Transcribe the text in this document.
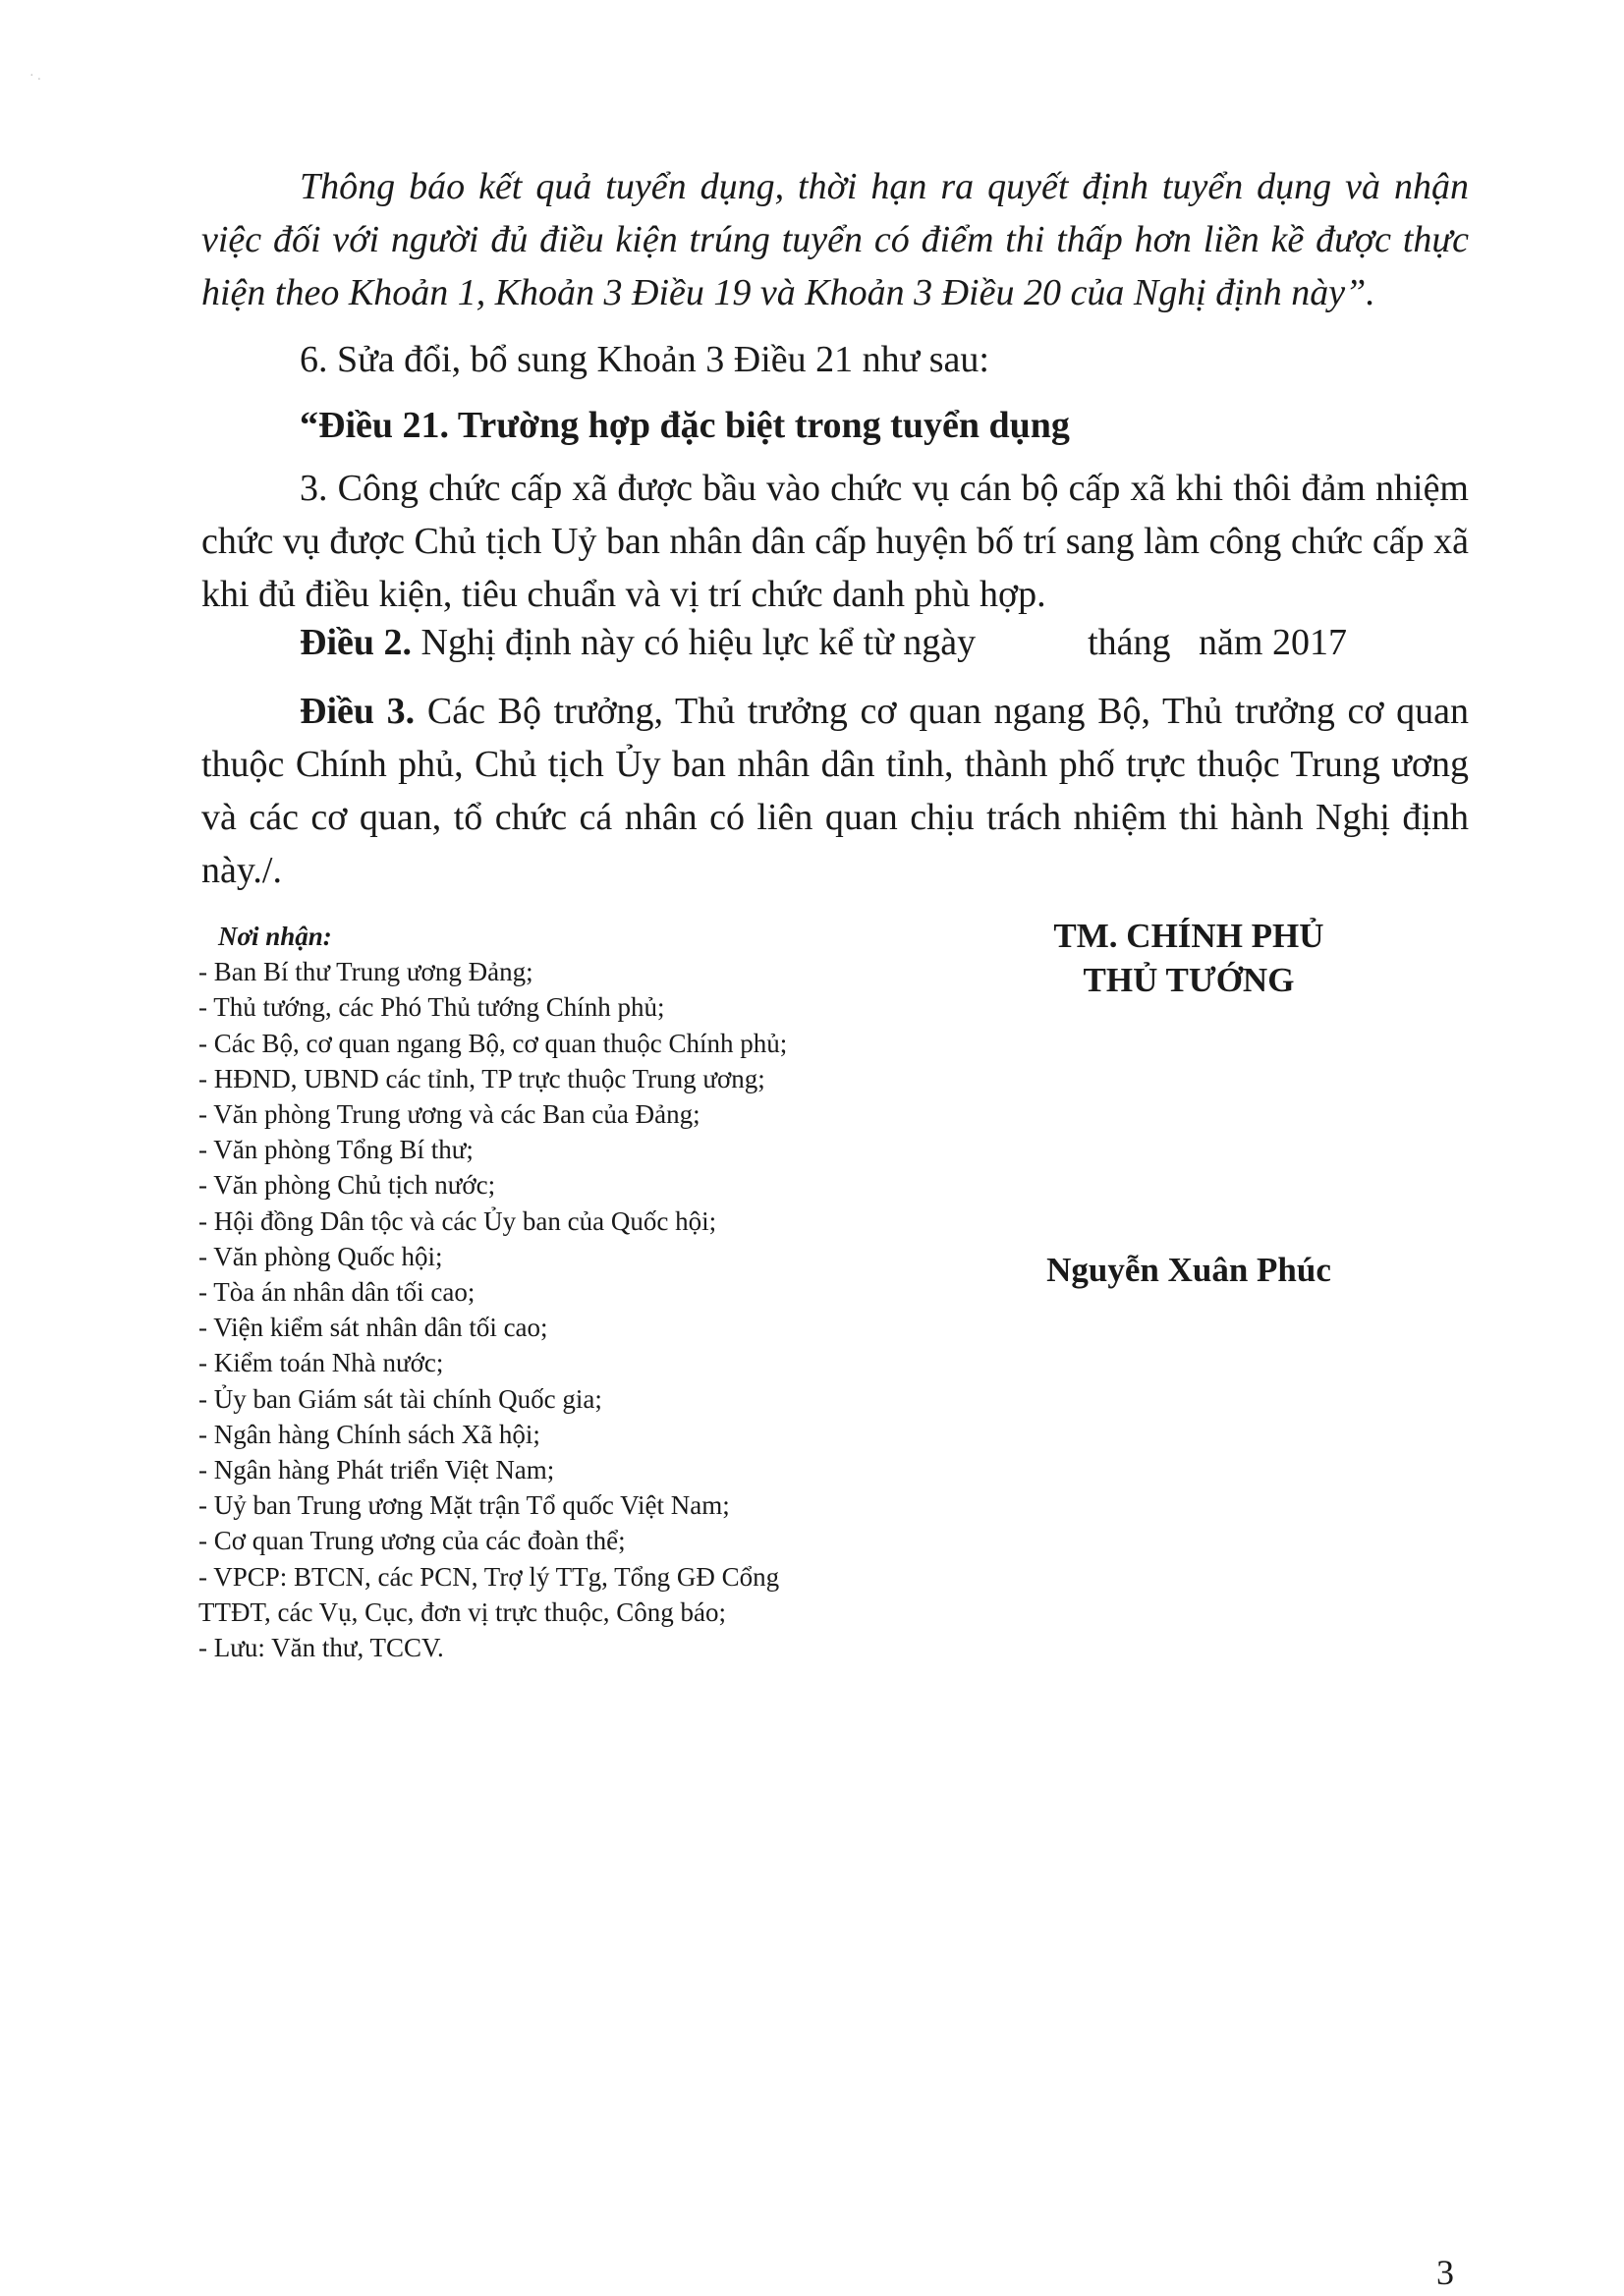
· .

Thông báo kết quả tuyển dụng, thời hạn ra quyết định tuyển dụng và nhận việc đối với người đủ điều kiện trúng tuyển có điểm thi thấp hơn liền kề được thực hiện theo Khoản 1, Khoản 3 Điều 19 và Khoản 3 Điều 20 của Nghị định này”.

6. Sửa đổi, bổ sung Khoản 3 Điều 21 như sau:

“Điều 21. Trường hợp đặc biệt trong tuyển dụng

3. Công chức cấp xã được bầu vào chức vụ cán bộ cấp xã khi thôi đảm nhiệm chức vụ được Chủ tịch Uỷ ban nhân dân cấp huyện bố trí sang làm công chức cấp xã khi đủ điều kiện, tiêu chuẩn và vị trí chức danh phù hợp.

Điều 2. Nghị định này có hiệu lực kể từ ngày            tháng   năm 2017

Điều 3. Các Bộ trưởng, Thủ trưởng cơ quan ngang Bộ, Thủ trưởng cơ quan thuộc Chính phủ, Chủ tịch Ủy ban nhân dân tỉnh, thành phố trực thuộc Trung ương và các cơ quan, tổ chức cá nhân có liên quan chịu trách nhiệm thi hành Nghị định này./.

Nơi nhận:
- Ban Bí thư Trung ương Đảng;
- Thủ tướng, các Phó Thủ tướng Chính phủ;
- Các Bộ, cơ quan ngang Bộ, cơ quan thuộc Chính phủ;
- HĐND, UBND các tỉnh, TP trực thuộc Trung ương;
- Văn phòng Trung ương và các Ban của Đảng;
- Văn phòng Tổng Bí thư;
- Văn phòng Chủ tịch nước;
- Hội đồng Dân tộc và các Ủy ban của Quốc hội;
- Văn phòng Quốc hội;
- Tòa án nhân dân tối cao;
- Viện kiểm sát nhân dân tối cao;
- Kiểm toán Nhà nước;
- Ủy ban Giám sát tài chính Quốc gia;
- Ngân hàng Chính sách Xã hội;
- Ngân hàng Phát triển Việt Nam;
- Uỷ ban Trung ương Mặt trận Tổ quốc Việt Nam;
- Cơ quan Trung ương của các đoàn thể;
- VPCP: BTCN, các PCN, Trợ lý TTg, Tổng GĐ Cổng
TTĐT, các Vụ, Cục, đơn vị trực thuộc, Công báo;
- Lưu: Văn thư, TCCV.
TM. CHÍNH PHỦ
THỦ TƯỚNG
Nguyễn Xuân Phúc
3
